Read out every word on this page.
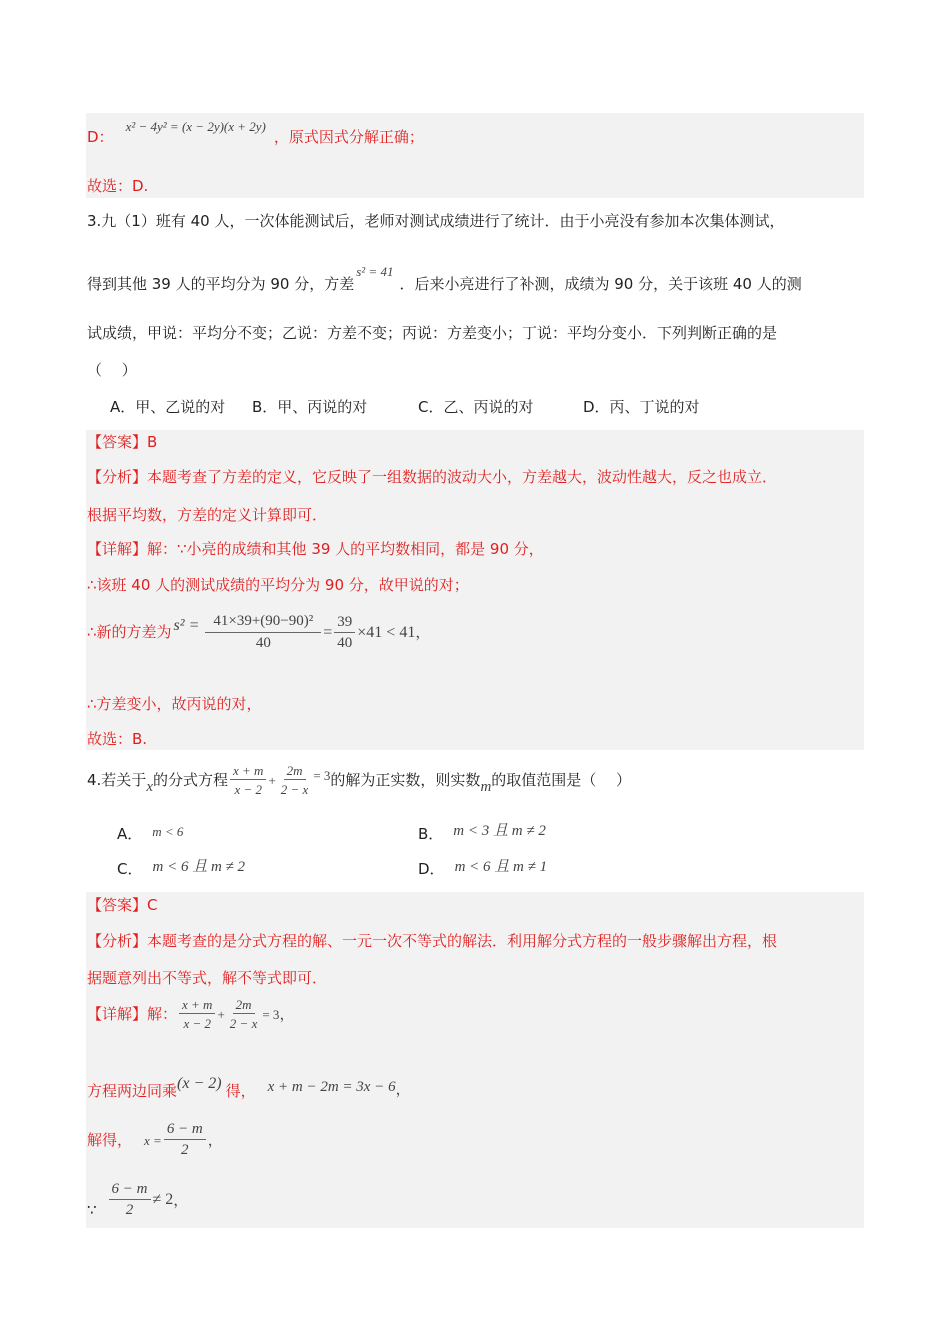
D：
x² − 4y² = (x − 2y)(x + 2y)
，原式因式分解正确；
故选：D.
3.九（1）班有 40 人，一次体能测试后，老师对测试成绩进行了统计．由于小亮没有参加本次集体测试，
得到其他 39 人的平均分为 90 分，方差
s² = 41
．后来小亮进行了补测，成绩为 90 分，关于该班 40 人的测
试成绩，甲说：平均分不变；乙说：方差不变；丙说：方差变小；丁说：平均分变小．下列判断正确的是
（　 ）
A．甲、乙说的对 B．甲、丙说的对	C．乙、丙说的对	D．丙、丁说的对
【答案】B
【分析】本题考查了方差的定义，它反映了一组数据的波动大小，方差越大，波动性越大，反之也成立．
根据平均数，方差的定义计算即可．
【详解】解：∵小亮的成绩和其他 39 人的平均数相同，都是 90 分，
∴该班 40 人的测试成绩的平均分为 90 分，故甲说的对；
∴新的方差为 $s^2 = \frac{\text{41×39+(90−90)²}}{40} = \frac{39}{40} \times 41 < 41$ ，
∴方差变小，故丙说的对，
故选：B.
4.若关于 x 的分式方程 $\frac{x + m}{x - 2} + \frac{2m}{2 - x} = 3$ 的解为正实数，则实数 m 的取值范围是（　 ）
A． m < 6	B． m < 3 且 m ≠ 2
C． m < 6 且 m ≠ 2	D． m < 6 且 m ≠ 1
【答案】C
【分析】本题考查的是分式方程的解、一元一次不等式的解法．利用解分式方程的一般步骤解出方程，根
据题意列出不等式，解不等式即可．
【详解】解： $\frac{x + m}{x - 2} + \frac{2m}{2 - x} = 3$ ，
方程两边同乘 (x − 2) 得， x + m − 2m = 3x − 6 ，
解得， $x = \frac{6 - m}{2}$ ，
∵ $\frac{6 - m}{2} \ne 2$ ，
